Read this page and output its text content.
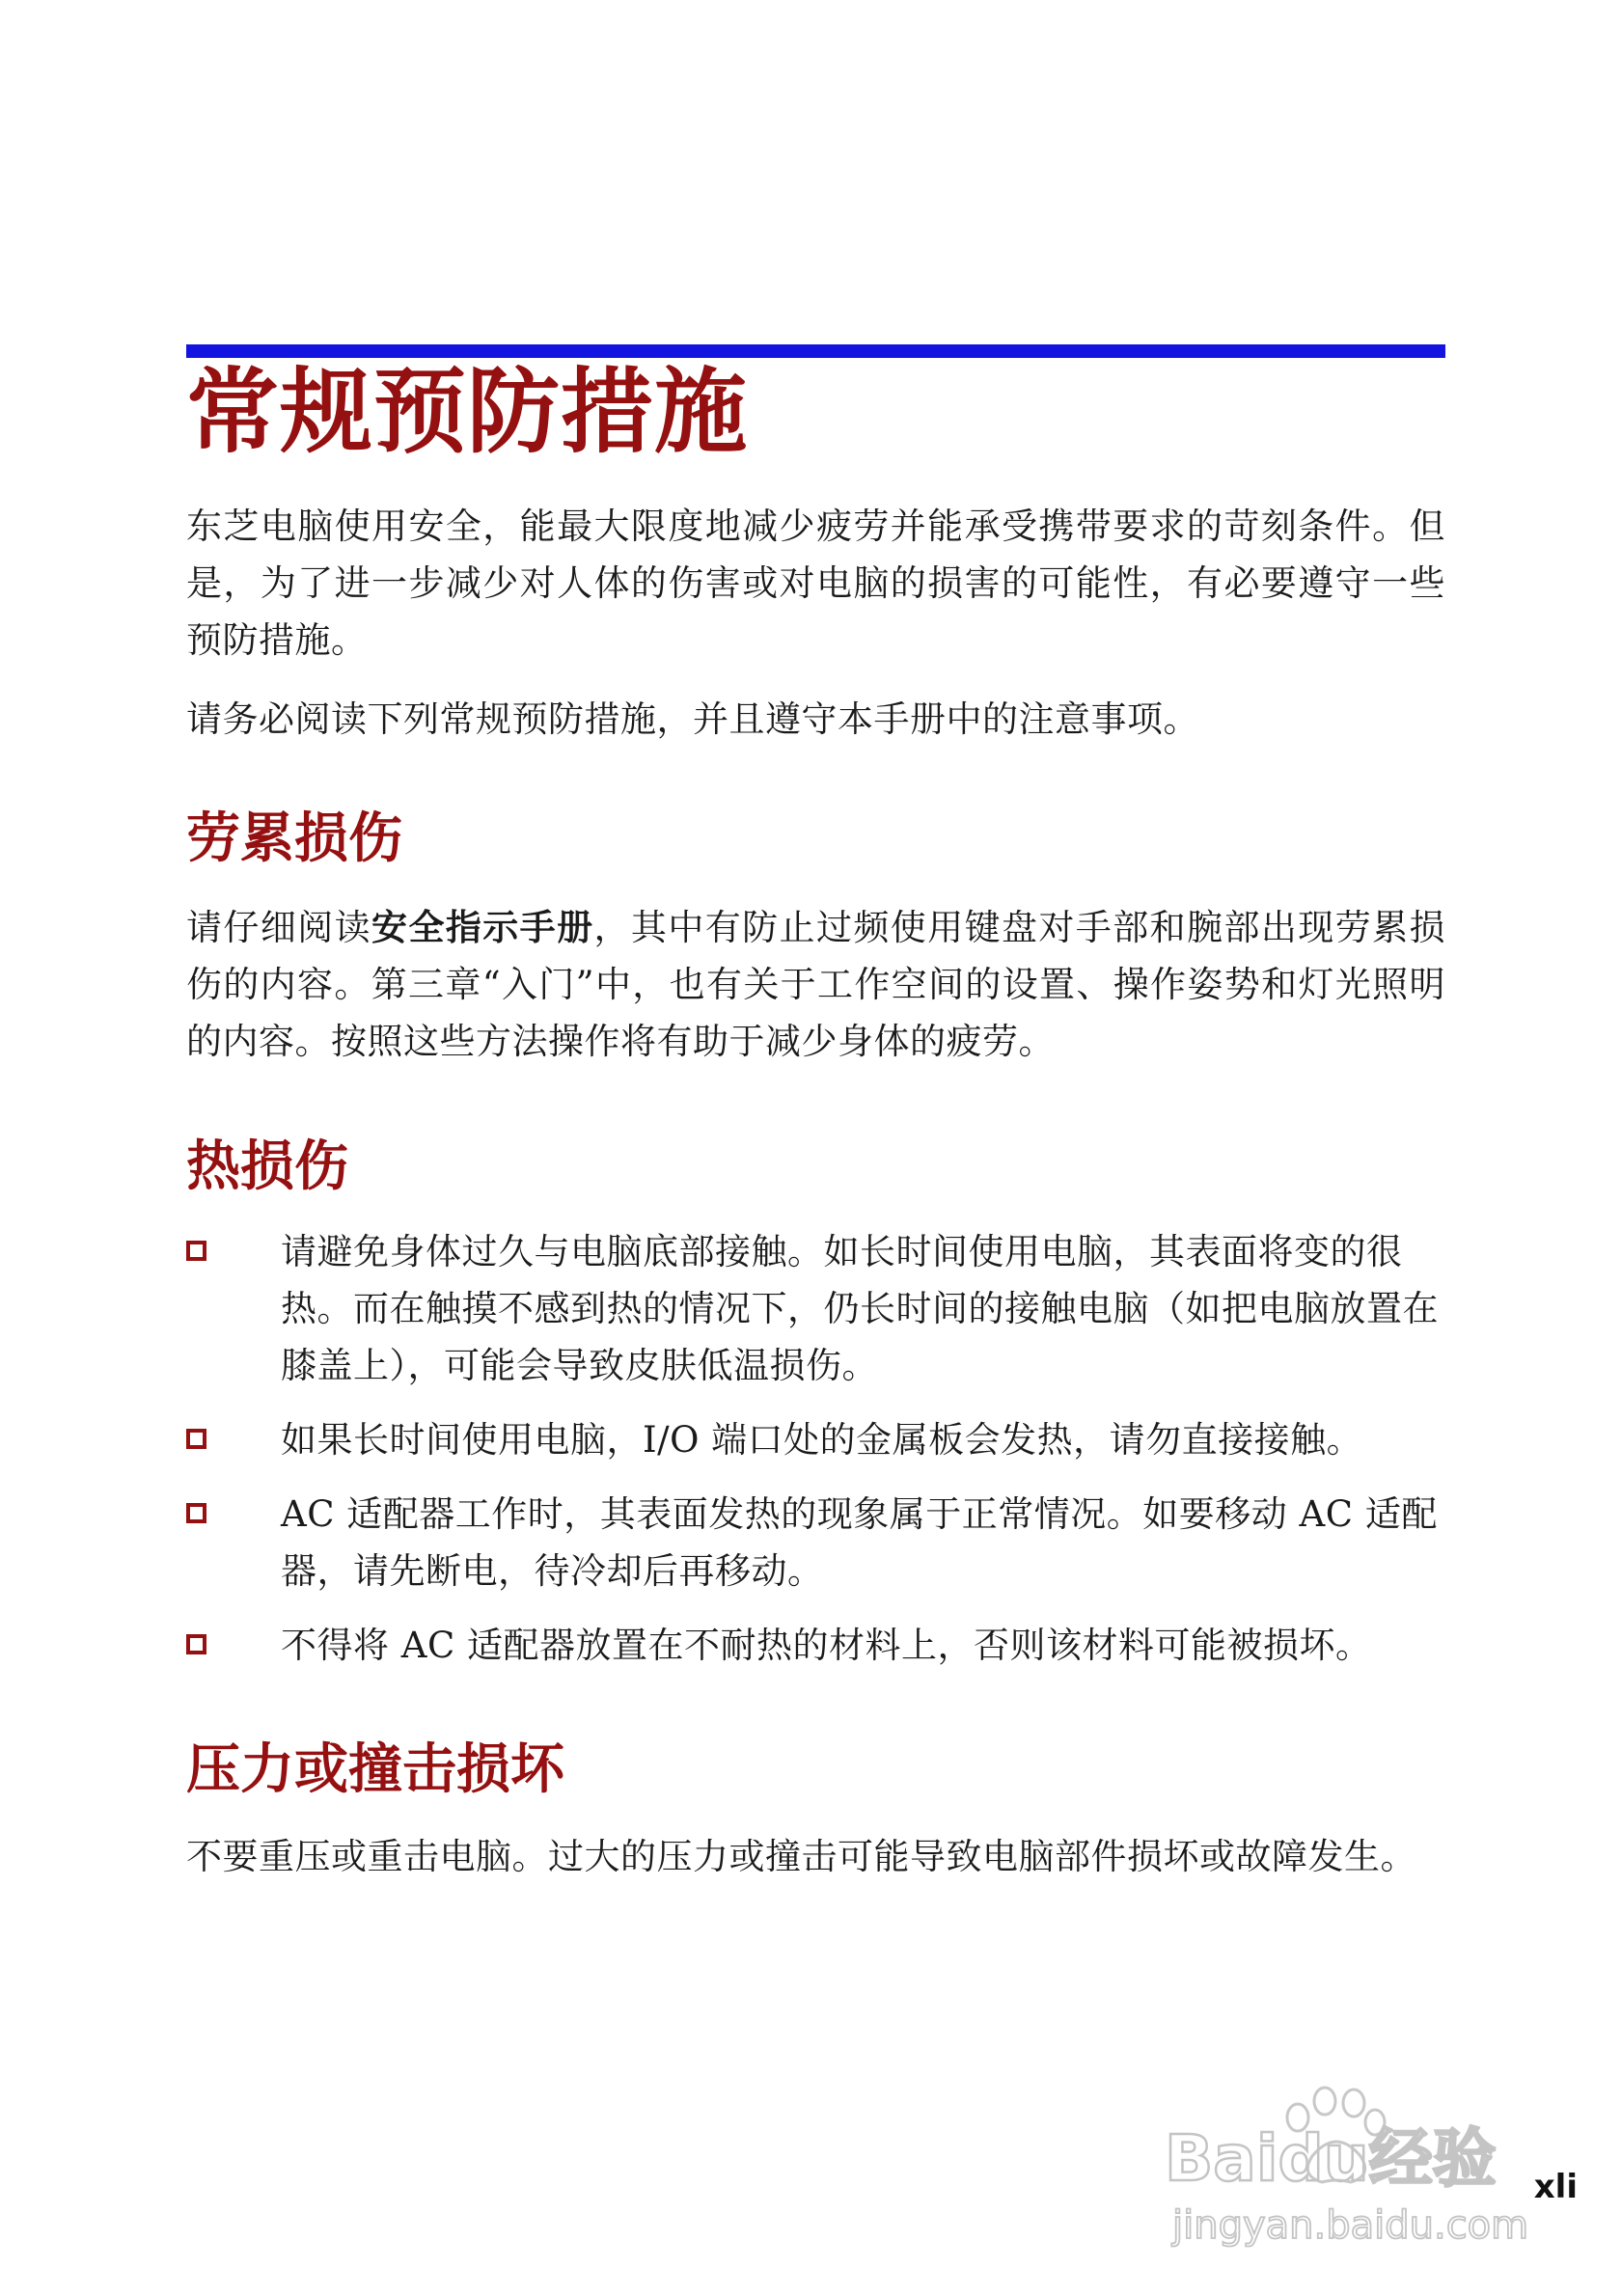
常规预防措施

东芝电脑使用安全，能最大限度地减少疲劳并能承受携带要求的苛刻条件。但是，为了进一步减少对人体的伤害或对电脑的损害的可能性，有必要遵守一些预防措施。

请务必阅读下列常规预防措施，并且遵守本手册中的注意事项。

劳累损伤

请仔细阅读安全指示手册，其中有防止过频使用键盘对手部和腕部出现劳累损伤的内容。第三章“入门”中，也有关于工作空间的设置、操作姿势和灯光照明的内容。按照这些方法操作将有助于减少身体的疲劳。

热损伤
请避免身体过久与电脑底部接触。如长时间使用电脑，其表面将变的很热。而在触摸不感到热的情况下，仍长时间的接触电脑（如把电脑放置在膝盖上），可能会导致皮肤低温损伤。
如果长时间使用电脑，I/O 端口处的金属板会发热，请勿直接接触。
AC 适配器工作时，其表面发热的现象属于正常情况。如要移动 AC 适配器，请先断电，待冷却后再移动。
不得将 AC 适配器放置在不耐热的材料上，否则该材料可能被损坏。
压力或撞击损坏

不要重压或重击电脑。过大的压力或撞击可能导致电脑部件损坏或故障发生。

Baidu经验
jingyan.baidu.com
xli
